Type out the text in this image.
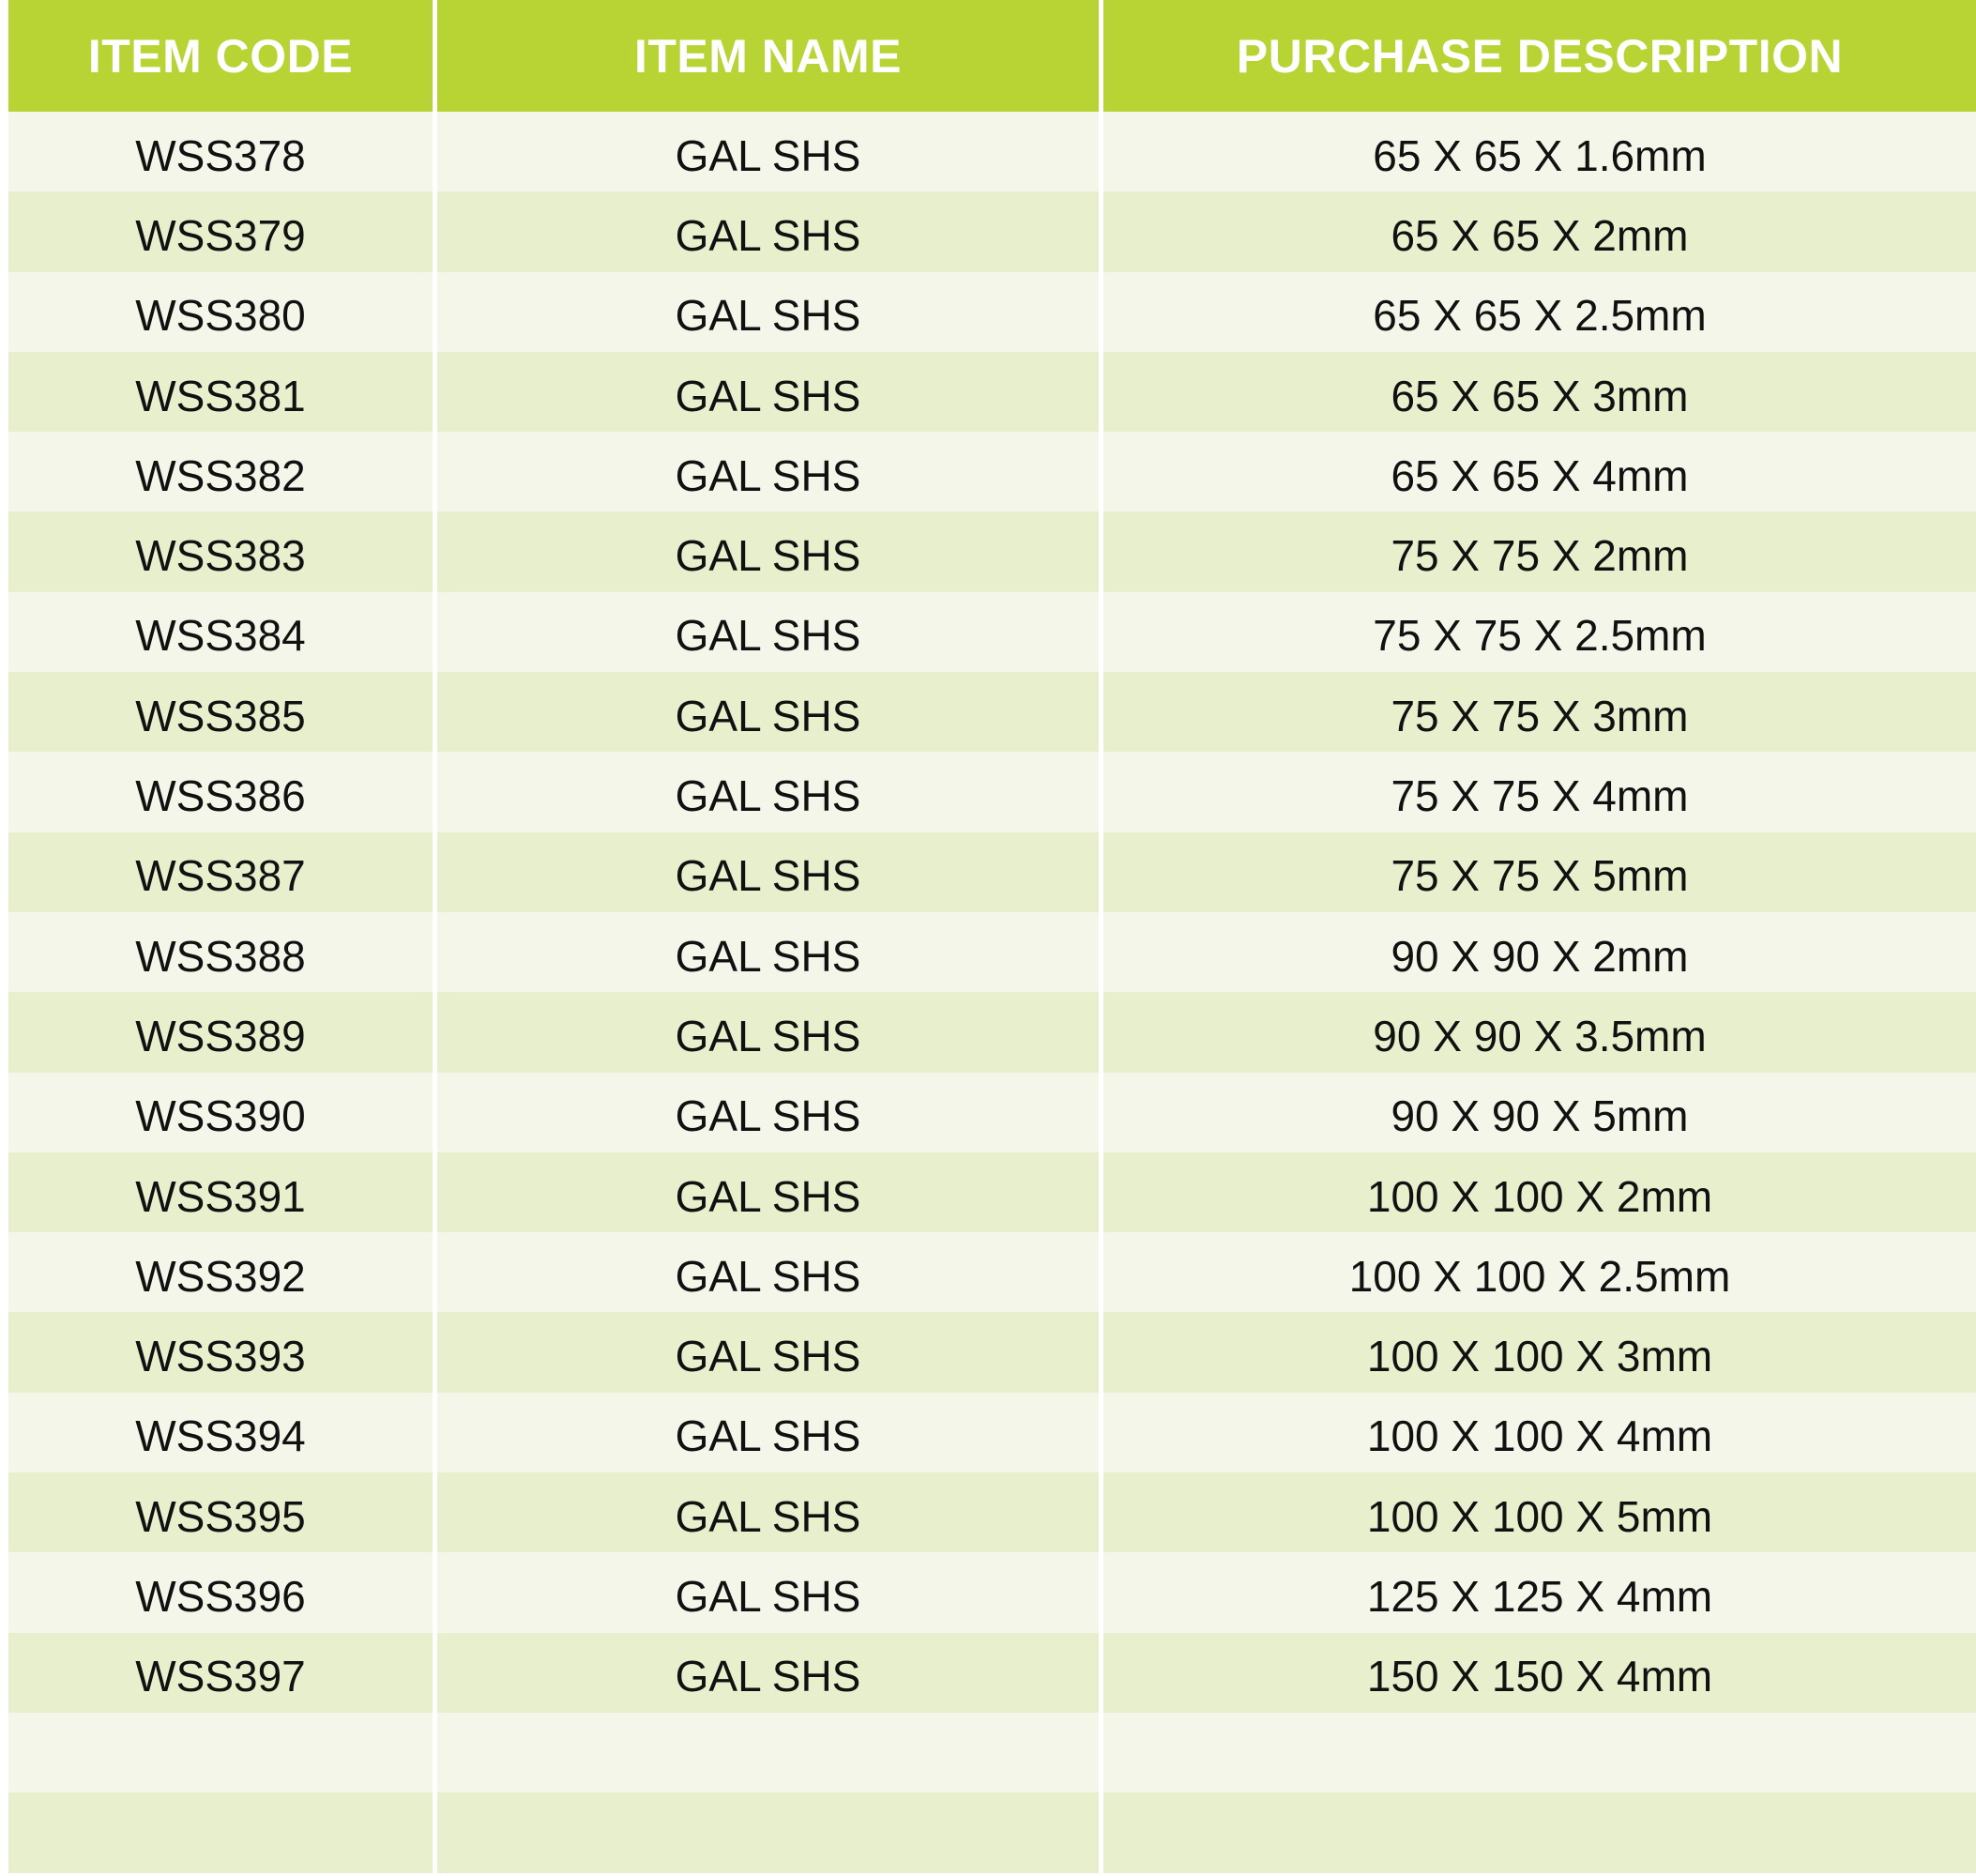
ITEM CODE	ITEM NAME	PURCHASE DESCRIPTION
WSS378	GAL SHS	65 X 65 X 1.6mm
WSS379	GAL SHS	65 X 65 X 2mm
WSS380	GAL SHS	65 X 65 X 2.5mm
WSS381	GAL SHS	65 X 65 X 3mm
WSS382	GAL SHS	65 X 65 X 4mm
WSS383	GAL SHS	75 X 75 X 2mm
WSS384	GAL SHS	75 X 75 X 2.5mm
WSS385	GAL SHS	75 X 75 X 3mm
WSS386	GAL SHS	75 X 75 X 4mm
WSS387	GAL SHS	75 X 75 X 5mm
WSS388	GAL SHS	90 X 90 X 2mm
WSS389	GAL SHS	90 X 90 X 3.5mm
WSS390	GAL SHS	90 X 90 X 5mm
WSS391	GAL SHS	100 X 100 X 2mm
WSS392	GAL SHS	100 X 100 X 2.5mm
WSS393	GAL SHS	100 X 100 X 3mm
WSS394	GAL SHS	100 X 100 X 4mm
WSS395	GAL SHS	100 X 100 X 5mm
WSS396	GAL SHS	125 X 125 X 4mm
WSS397	GAL SHS	150 X 150 X 4mm
